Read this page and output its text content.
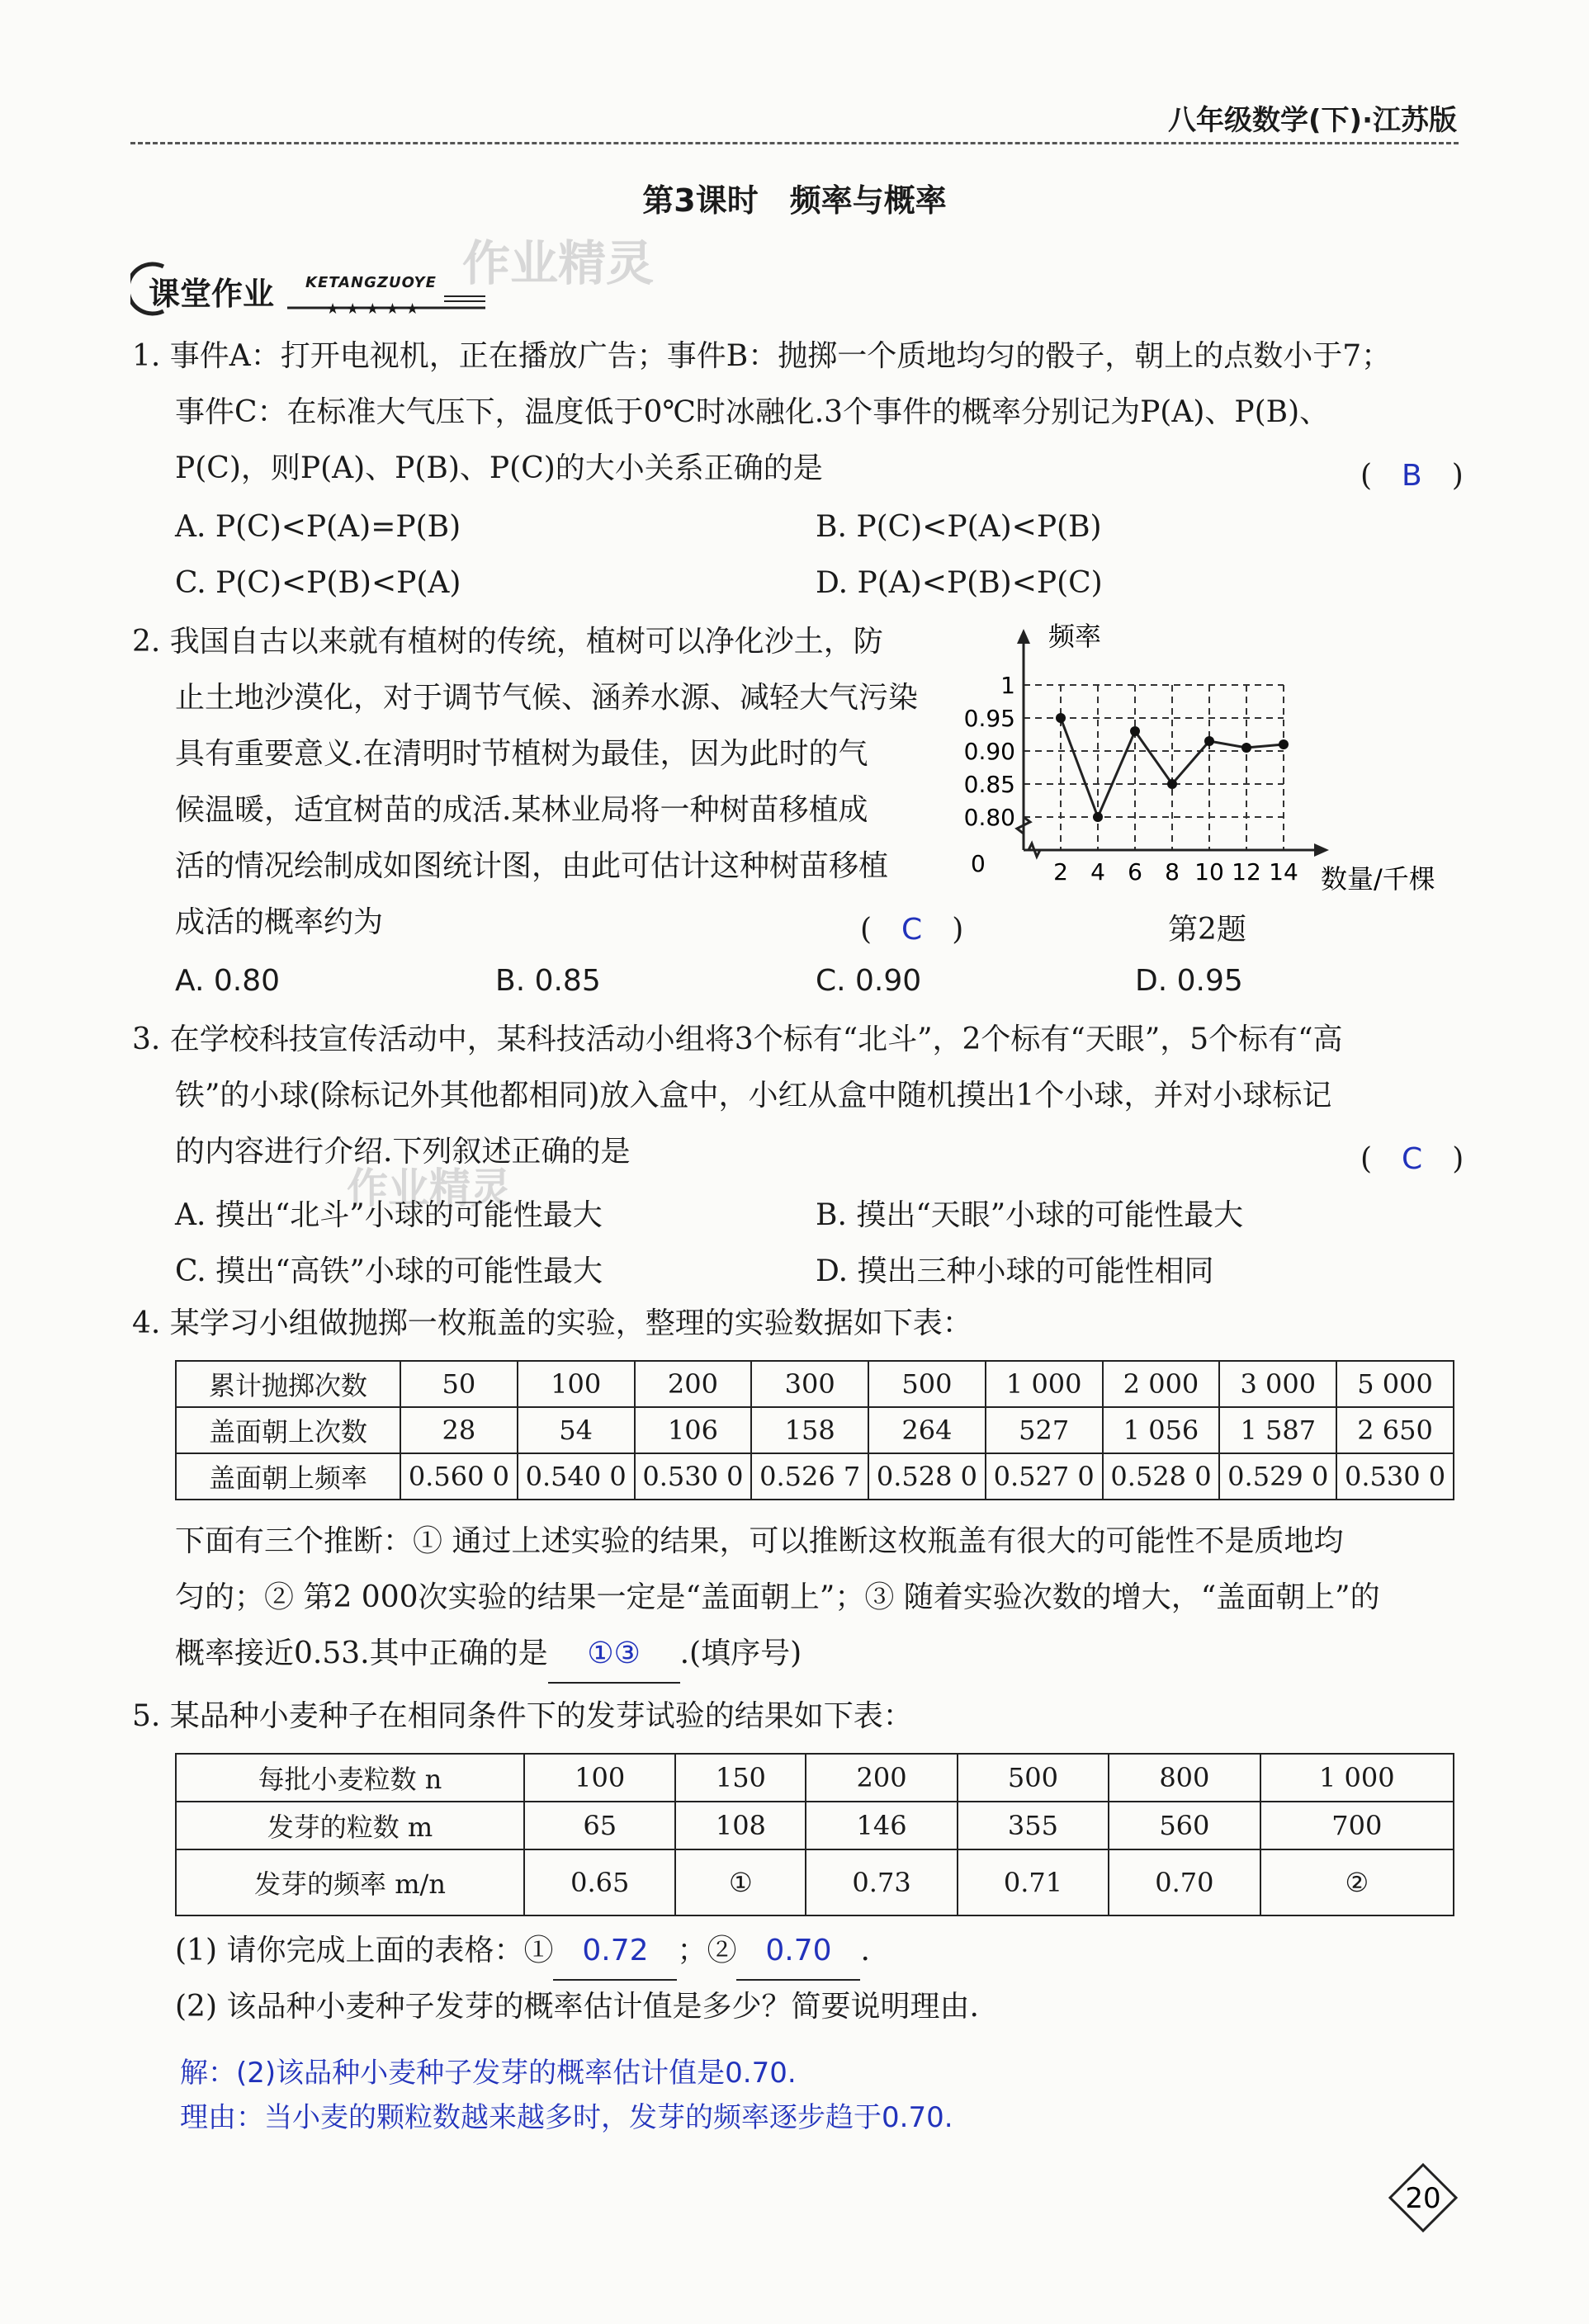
八年级数学(下)·江苏版
第3课时　频率与概率
作业精灵
课堂作业 KETANGZUOYE
★★★★★
1. 事件A：打开电视机，正在播放广告；事件B：抛掷一个质地均匀的骰子，朝上的点数小于7；
事件C：在标准大气压下，温度低于0℃时冰融化.3个事件的概率分别记为P(A)、P(B)、
P(C)，则P(A)、P(B)、P(C)的大小关系正确的是	(　B　)
A. P(C)<P(A)=P(B)	B. P(C)<P(A)<P(B)
C. P(C)<P(B)<P(A)	D. P(A)<P(B)<P(C)
2. 我国自古以来就有植树的传统，植树可以净化沙土，防
止土地沙漠化，对于调节气候、涵养水源、减轻大气污染
具有重要意义.在清明时节植树为最佳，因为此时的气
候温暖，适宜树苗的成活.某林业局将一种树苗移植成
活的情况绘制成如图统计图，由此可估计这种树苗移植
成活的概率约为	(　C　)
0.80
0.85
0.90
0.95
1
2 4 6 8 10 12 14
频率
数量/千棵
0
第2题
A. 0.80	B. 0.85	C. 0.90	D. 0.95
3. 在学校科技宣传活动中，某科技活动小组将3个标有“北斗”，2个标有“天眼”，5个标有“高
铁”的小球(除标记外其他都相同)放入盒中，小红从盒中随机摸出1个小球，并对小球标记
的内容进行介绍.下列叙述正确的是	(　C　)
作业精灵
A. 摸出“北斗”小球的可能性最大	B. 摸出“天眼”小球的可能性最大
C. 摸出“高铁”小球的可能性最大	D. 摸出三种小球的可能性相同
4. 某学习小组做抛掷一枚瓶盖的实验，整理的实验数据如下表：
累计抛掷次数	50	100	200	300	500	1 000	2 000	3 000	5 000
盖面朝上次数	28	54	106	158	264	527	1 056	1 587	2 650
盖面朝上频率	0.560 0	0.540 0	0.530 0	0.526 7	0.528 0	0.527 0	0.528 0	0.529 0	0.530 0
下面有三个推断：① 通过上述实验的结果，可以推断这枚瓶盖有很大的可能性不是质地均
匀的；② 第2 000次实验的结果一定是“盖面朝上”；③ 随着实验次数的增大，“盖面朝上”的
概率接近0.53.其中正确的是 ①③ .(填序号)
5. 某品种小麦种子在相同条件下的发芽试验的结果如下表：
每批小麦粒数 n	100	150	200	500	800	1 000
发芽的粒数 m	65	108	146	355	560	700
发芽的频率 m/n	0.65	①	0.73	0.71	0.70	②
(1) 请你完成上面的表格：① 0.72 ；② 0.70 .
(2) 该品种小麦种子发芽的概率估计值是多少？简要说明理由.
解：(2)该品种小麦种子发芽的概率估计值是0.70.
理由：当小麦的颗粒数越来越多时，发芽的频率逐步趋于0.70.
20
